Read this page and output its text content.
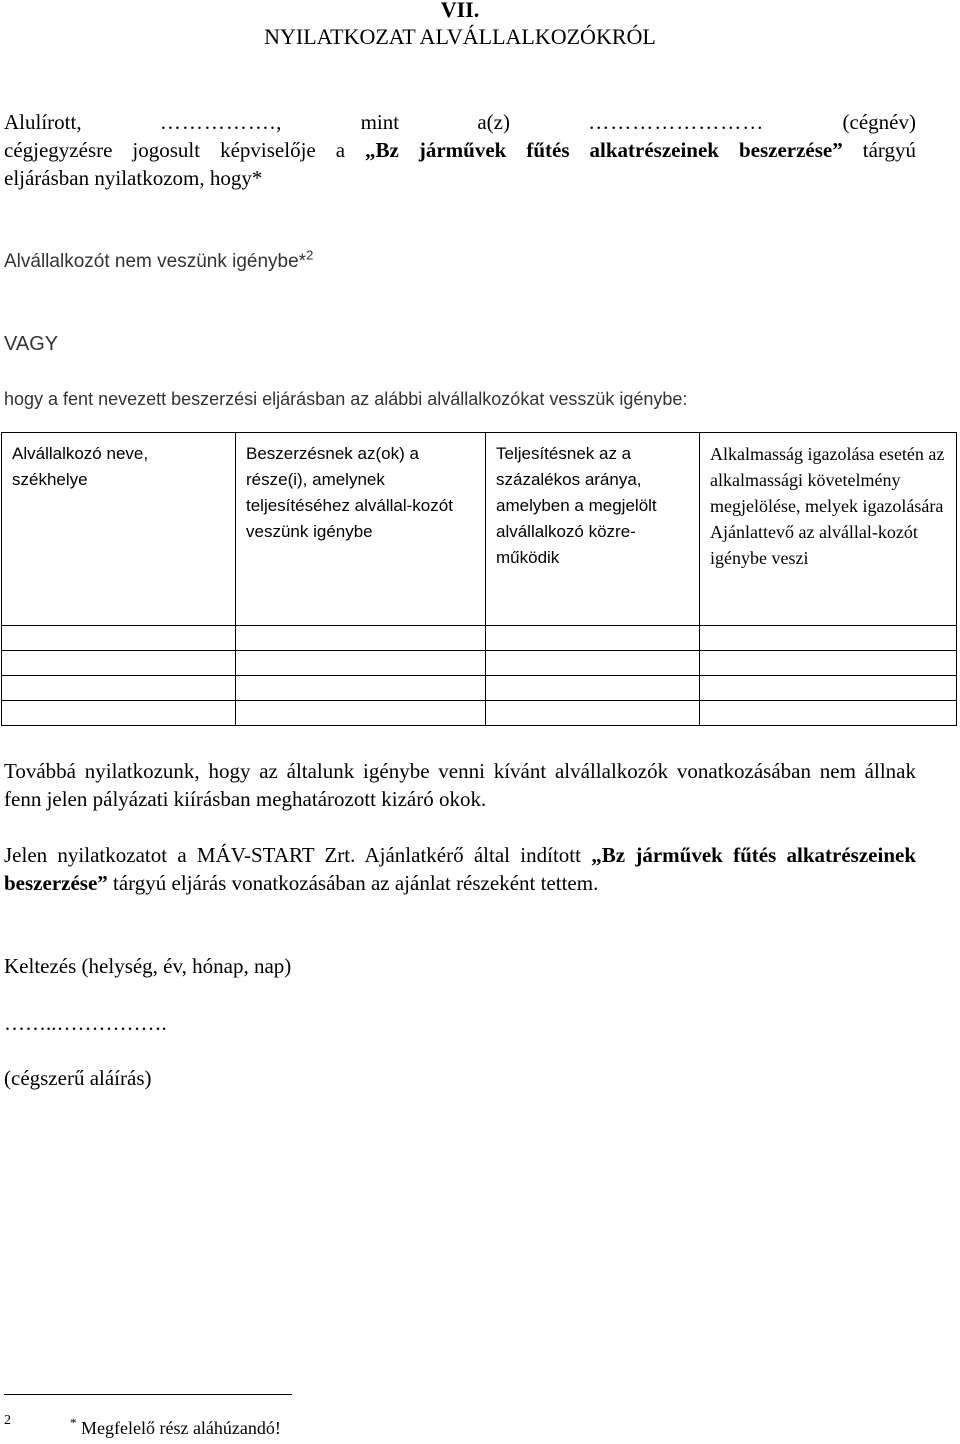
VII.
NYILATKOZAT ALVÁLLALKOZÓKRÓL
Alulírott,	…………….,	mint	a(z)	……………………	(cégnév)
cégjegyzésre jogosult képviselője a „Bz járművek fűtés alkatrészeinek beszerzése” tárgyú
eljárásban nyilatkozom, hogy*
Alvállalkozót nem veszünk igénybe*$^2$
VAGY
hogy a fent nevezett beszerzési eljárásban az alábbi alvállalkozókat vesszük igénybe:
Alvállalkozó neve, székhelye	Beszerzésnek az(ok) a része(i), amelynek teljesítéséhez alvállal-kozót veszünk igénybe	Teljesítésnek az a százalékos aránya, amelyben a megjelölt alvállalkozó közre-működik	Alkalmasság igazolása esetén az alkalmassági követelmény megjelölése, melyek igazolására Ajánlattevő az alvállal-kozót igénybe veszi

Továbbá nyilatkozunk, hogy az általunk igénybe venni kívánt alvállalkozók vonatkozásában nem állnak fenn jelen pályázati kiírásban meghatározott kizáró okok.
Jelen nyilatkozatot a MÁV-START Zrt. Ajánlatkérő által indított „Bz járművek fűtés alkatrészeinek beszerzése” tárgyú eljárás vonatkozásában az ajánlat részeként tettem.
Keltezés (helység, év, hónap, nap)
……..…………….
(cégszerű aláírás)
2	* Megfelelő rész aláhúzandó!
